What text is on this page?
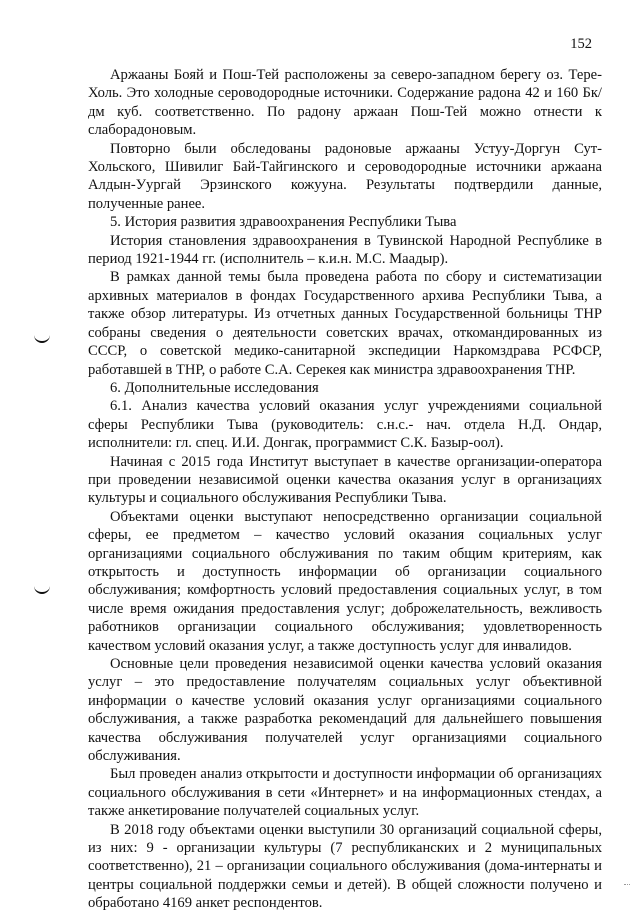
152

Аржааны Бояй и Пош-Тей расположены за северо-западном берегу оз. Тере-Холь. Это холодные сероводородные источники. Содержание радона 42 и 160 Бк/дм куб. соответственно. По радону аржаан Пош-Тей можно отнести к слаборадоновым.

Повторно были обследованы радоновые аржааны Устуу-Доргун Сут-Хольского, Шивилиг Бай-Тайгинского и сероводородные источники аржаана Алдын-Уургай Эрзинского кожууна. Результаты подтвердили данные, полученные ранее.

5. История развития здравоохранения Республики Тыва

История становления здравоохранения в Тувинской Народной Республике в период 1921-1944 гг. (исполнитель – к.и.н. М.С. Маадыр).

В рамках данной темы была проведена работа по сбору и систематизации архивных материалов в фондах Государственного архива Республики Тыва, а также обзор литературы. Из отчетных данных Государственной больницы ТНР собраны сведения о деятельности советских врачах, откомандированных из СССР, о советской медико-санитарной экспедиции Наркомздрава РСФСР, работавшей в ТНР, о работе С.А. Серекея как министра здравоохранения ТНР.

6. Дополнительные исследования

6.1. Анализ качества условий оказания услуг учреждениями социальной сферы Республики Тыва (руководитель: с.н.с.- нач. отдела Н.Д. Ондар, исполнители: гл. спец. И.И. Донгак, программист С.К. Базыр-оол).

Начиная с 2015 года Институт выступает в качестве организации-оператора при проведении независимой оценки качества оказания услуг в организациях культуры и социального обслуживания Республики Тыва.

Объектами оценки выступают непосредственно организации социальной сферы, ее предметом – качество условий оказания социальных услуг организациями социального обслуживания по таким общим критериям, как открытость и доступность информации об организации социального обслуживания; комфортность условий предоставления социальных услуг, в том числе время ожидания предоставления услуг; доброжелательность, вежливость работников организации социального обслуживания; удовлетворенность качеством условий оказания услуг, а также доступность услуг для инвалидов.

Основные цели проведения независимой оценки качества условий оказания услуг – это предоставление получателям социальных услуг объективной информации о качестве условий оказания услуг организациями социального обслуживания, а также разработка рекомендаций для дальнейшего повышения качества обслуживания получателей услуг организациями социального обслуживания.

Был проведен анализ открытости и доступности информации об организациях социального обслуживания в сети «Интернет» и на информационных стендах, а также анкетирование получателей социальных услуг.

В 2018 году объектами оценки выступили 30 организаций социальной сферы, из них: 9 - организации культуры (7 республиканских и 2 муниципальных соответственно), 21 – организации социального обслуживания (дома-интернаты и центры социальной поддержки семьи и детей). В общей сложности получено и обработано 4169 анкет респондентов.
